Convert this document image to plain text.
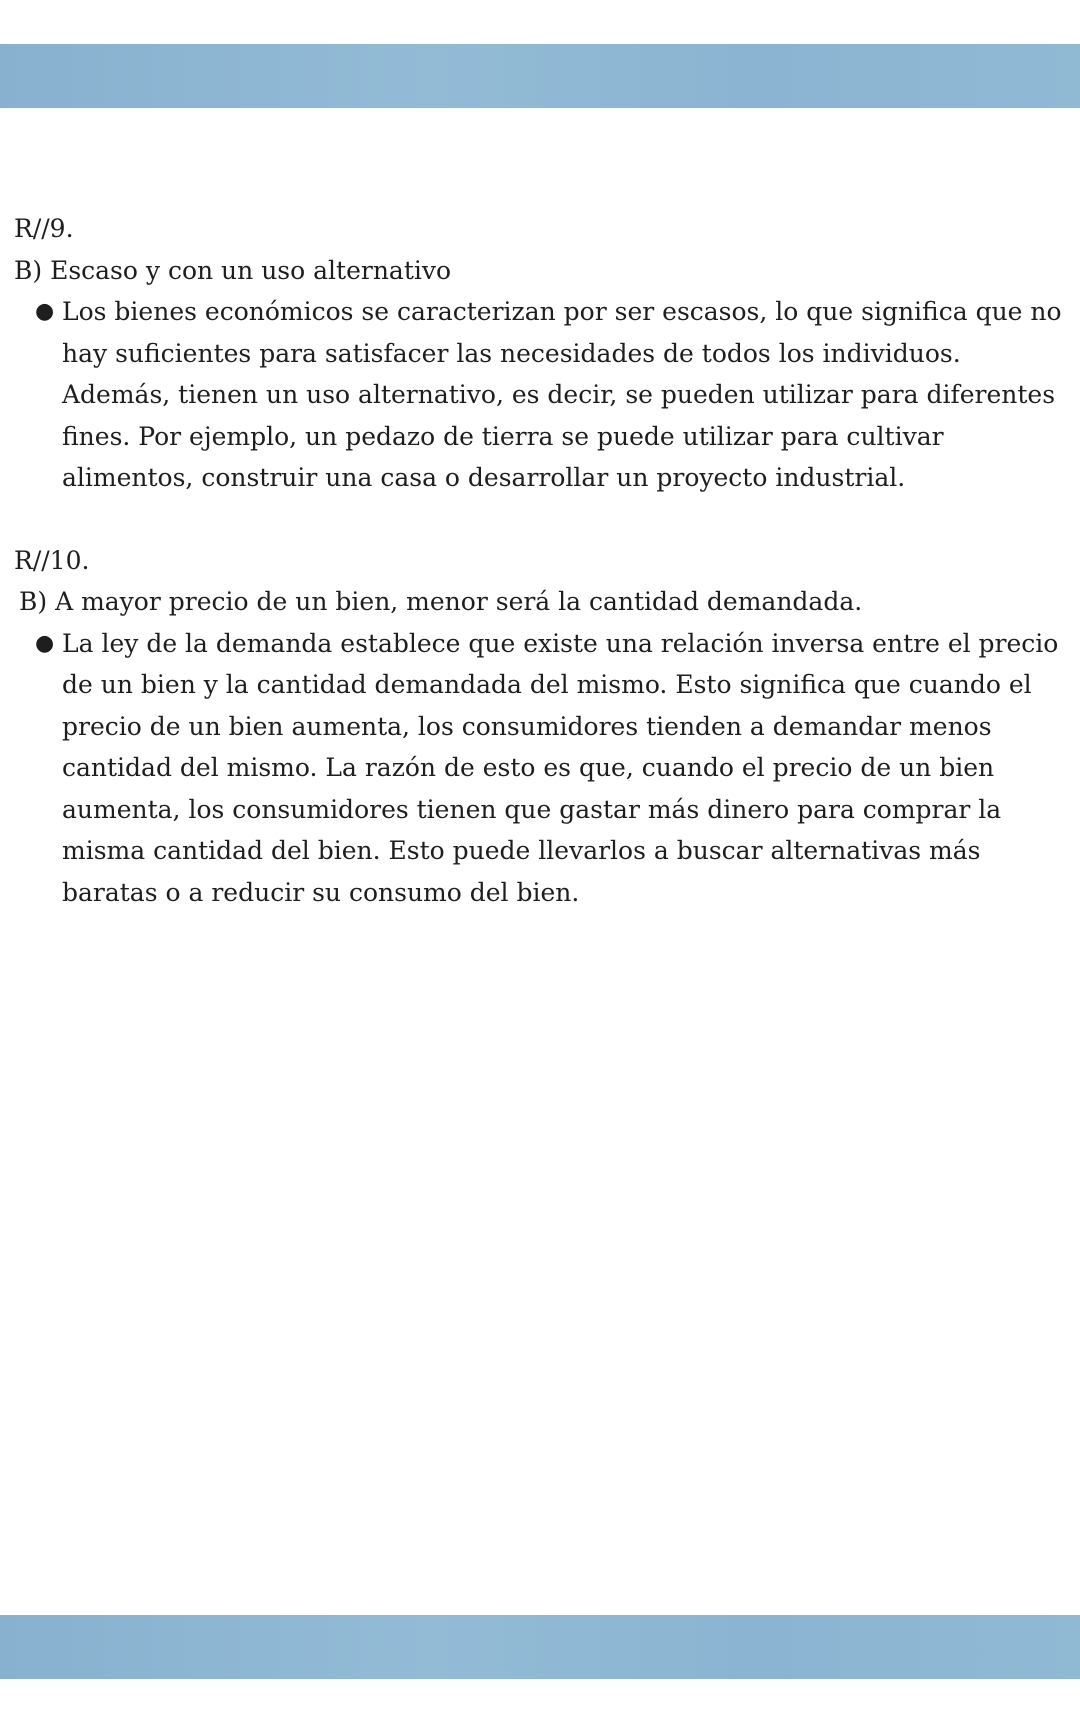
R//9.

B) Escaso y con un uso alternativo

● Los bienes económicos se caracterizan por ser escasos, lo que significa que no hay suficientes para satisfacer las necesidades de todos los individuos. Además, tienen un uso alternativo, es decir, se pueden utilizar para diferentes fines. Por ejemplo, un pedazo de tierra se puede utilizar para cultivar alimentos, construir una casa o desarrollar un proyecto industrial.

R//10.

B) A mayor precio de un bien, menor será la cantidad demandada.

● La ley de la demanda establece que existe una relación inversa entre el precio de un bien y la cantidad demandada del mismo. Esto significa que cuando el precio de un bien aumenta, los consumidores tienden a demandar menos cantidad del mismo. La razón de esto es que, cuando el precio de un bien aumenta, los consumidores tienen que gastar más dinero para comprar la misma cantidad del bien. Esto puede llevarlos a buscar alternativas más baratas o a reducir su consumo del bien.
